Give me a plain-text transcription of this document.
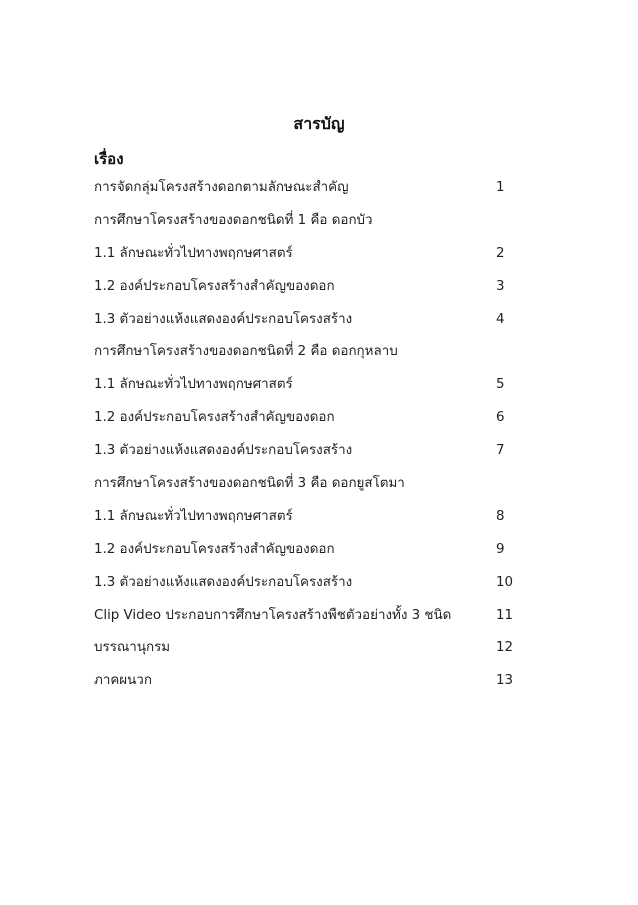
สารบัญ
เรื่อง
การจัดกลุ่มโครงสร้างดอกตามลักษณะสำคัญ	1
การศึกษาโครงสร้างของดอกชนิดที่ 1 คือ ดอกบัว
1.1 ลักษณะทั่วไปทางพฤกษศาสตร์	2
1.2 องค์ประกอบโครงสร้างสำคัญของดอก	3
1.3 ตัวอย่างแห้งแสดงองค์ประกอบโครงสร้าง	4
การศึกษาโครงสร้างของดอกชนิดที่ 2 คือ ดอกกุหลาบ
1.1 ลักษณะทั่วไปทางพฤกษศาสตร์	5
1.2 องค์ประกอบโครงสร้างสำคัญของดอก	6
1.3 ตัวอย่างแห้งแสดงองค์ประกอบโครงสร้าง	7
การศึกษาโครงสร้างของดอกชนิดที่ 3 คือ ดอกยูสโตมา
1.1 ลักษณะทั่วไปทางพฤกษศาสตร์	8
1.2 องค์ประกอบโครงสร้างสำคัญของดอก	9
1.3 ตัวอย่างแห้งแสดงองค์ประกอบโครงสร้าง	10
Clip Video ประกอบการศึกษาโครงสร้างพืชตัวอย่างทั้ง 3 ชนิด	11
บรรณานุกรม	12
ภาคผนวก	13
